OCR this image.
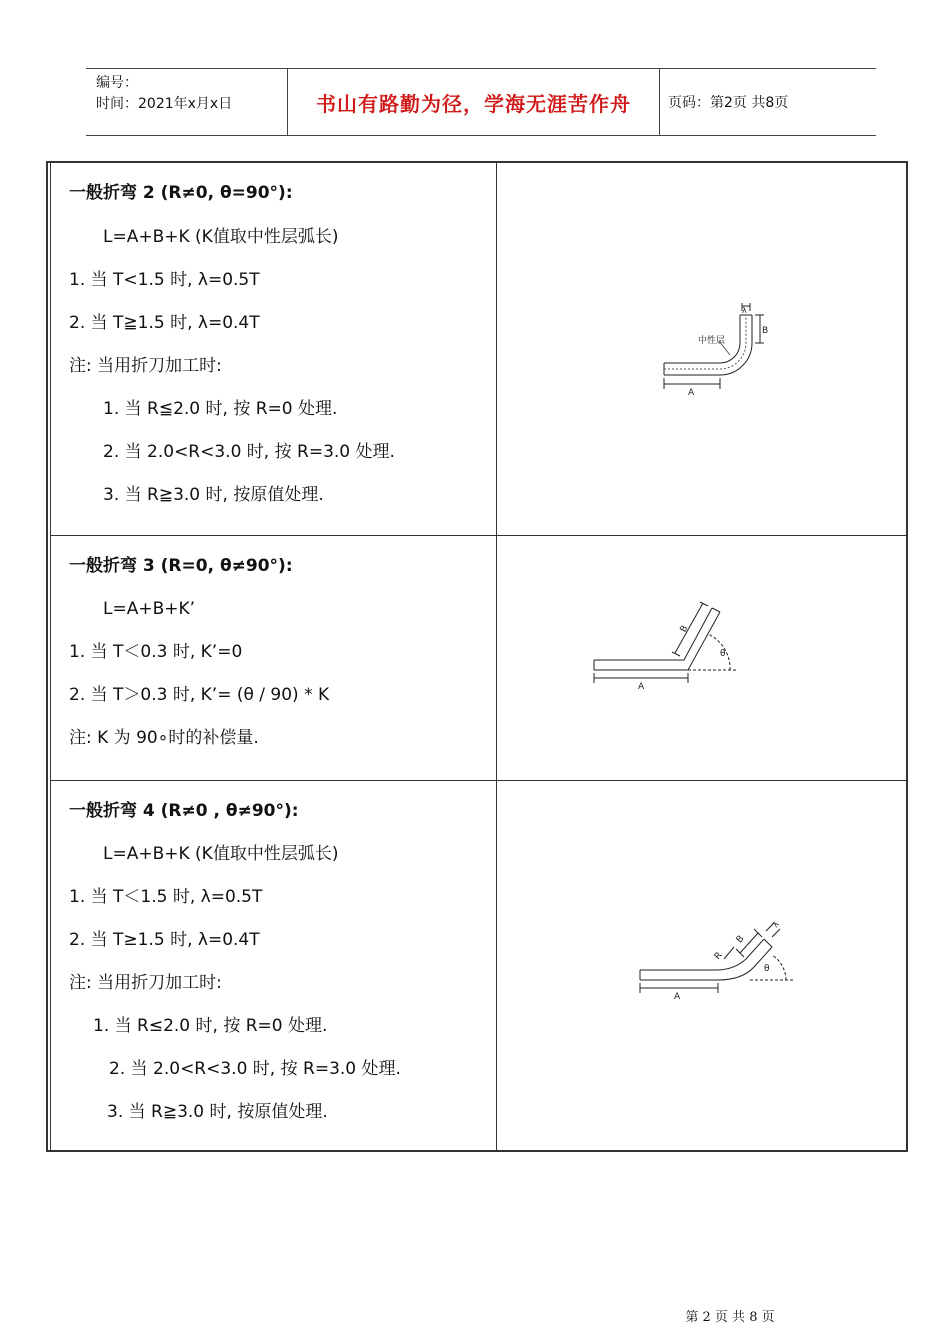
编号：
时间：2021年x月x日	书山有路勤为径，学海无涯苦作舟	页码：第2页 共8页
一般折弯 2 (R≠0, θ=90°):
L=A+B+K (K值取中性层弧长)
1. 当 T<1.5 时, λ=0.5T
2. 当 T≧1.5 时, λ=0.4T
注: 当用折刀加工时:
1. 当 R≦2.0 时, 按 R=0 处理.
2. 当 2.0<R<3.0 时, 按 R=3.0 处理.
3. 当 R≧3.0 时, 按原值处理.
A
B
λ
中性层
一般折弯 3 (R=0, θ≠90°):
L=A+B+K’
1. 当 T＜0.3 时, K’=0
2. 当 T＞0.3 时, K’= (θ / 90) * K
注: K 为 90∘时的补偿量.
A
B
θ
一般折弯 4 (R≠0 , θ≠90°):
L=A+B+K (K值取中性层弧长)
1. 当 T＜1.5 时, λ=0.5T
2. 当 T≥1.5 时, λ=0.4T
注: 当用折刀加工时:
1. 当 R≤2.0 时, 按 R=0 处理.
2. 当 2.0<R<3.0 时, 按 R=3.0 处理.
3. 当 R≧3.0 时, 按原值处理.
A
B
R
λ
θ
第 2 页 共 8 页
